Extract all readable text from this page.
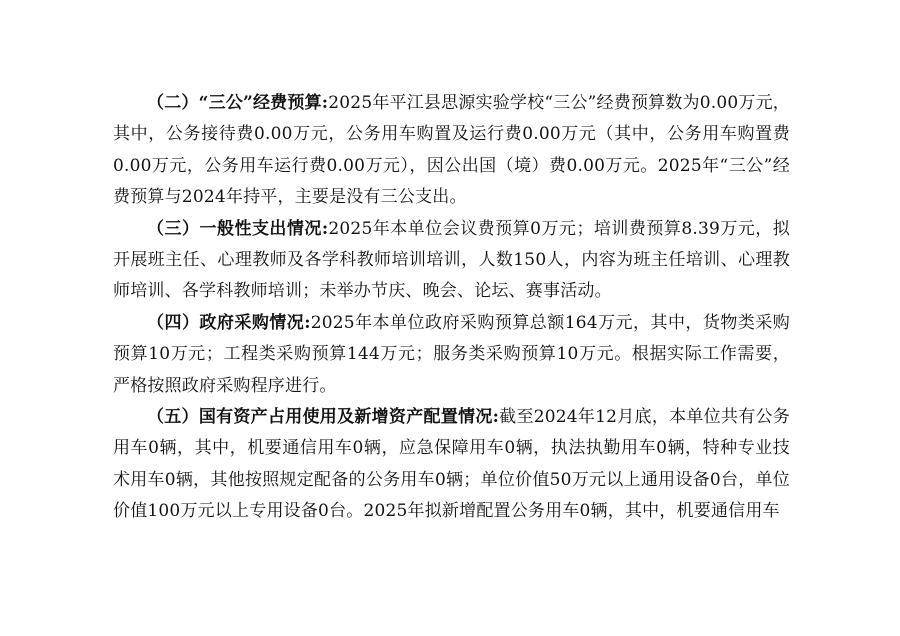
（二）“三公”经费预算:2025年平江县思源实验学校“三公”经费预算数为0.00万元，其中，公务接待费0.00万元，公务用车购置及运行费0.00万元（其中，公务用车购置费0.00万元，公务用车运行费0.00万元），因公出国（境）费0.00万元。2025年“三公”经费预算与2024年持平，主要是没有三公支出。

（三）一般性支出情况:2025年本单位会议费预算0万元；培训费预算8.39万元，拟开展班主任、心理教师及各学科教师培训培训，人数150人，内容为班主任培训、心理教师培训、各学科教师培训；未举办节庆、晚会、论坛、赛事活动。

（四）政府采购情况:2025年本单位政府采购预算总额164万元，其中，货物类采购预算10万元；工程类采购预算144万元；服务类采购预算10万元。根据实际工作需要，严格按照政府采购程序进行。

（五）国有资产占用使用及新增资产配置情况:截至2024年12月底，本单位共有公务用车0辆，其中，机要通信用车0辆，应急保障用车0辆，执法执勤用车0辆，特种专业技术用车0辆，其他按照规定配备的公务用车0辆；单位价值50万元以上通用设备0台，单位价值100万元以上专用设备0台。2025年拟新增配置公务用车0辆，其中，机要通信用车
